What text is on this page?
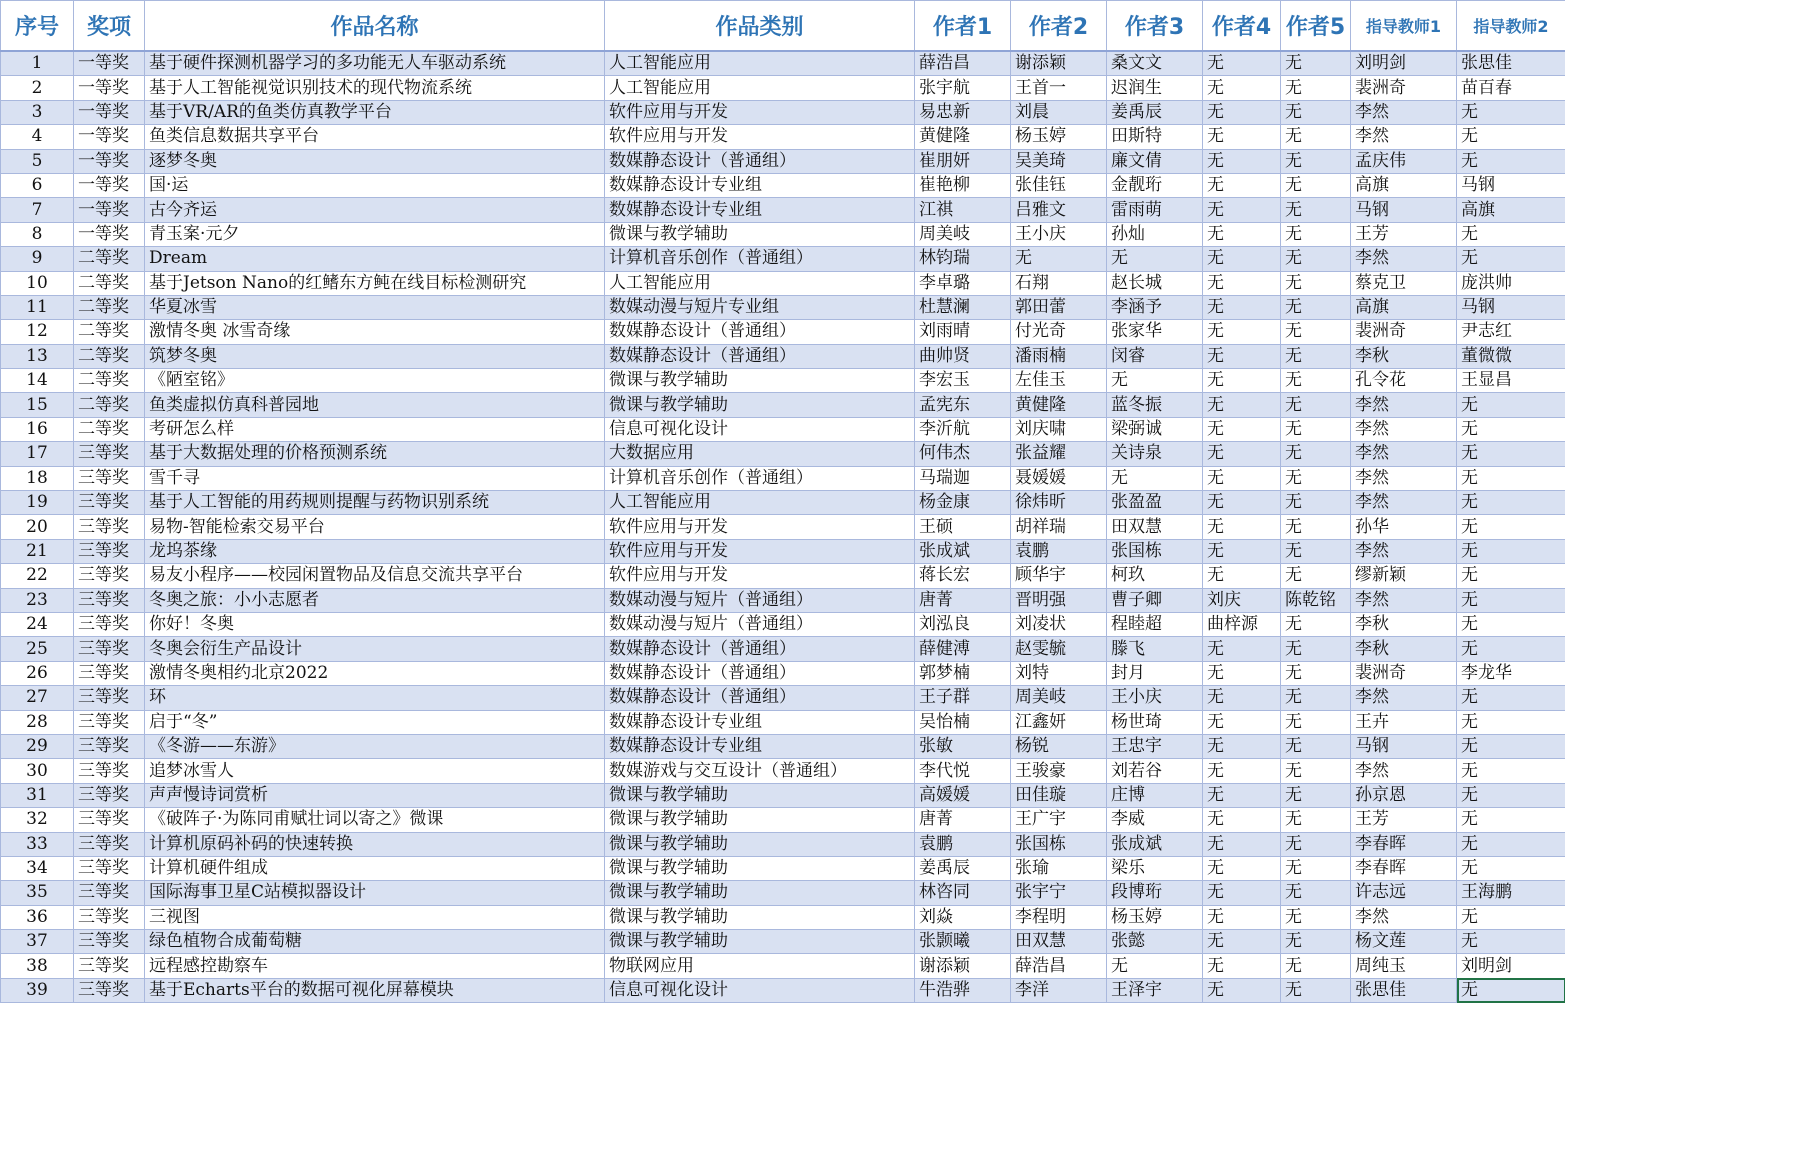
序号	奖项	作品名称	作品类别	作者1	作者2	作者3	作者4	作者5	指导教师1	指导教师2
1	一等奖	基于硬件探测机器学习的多功能无人车驱动系统	人工智能应用	薛浩昌	谢添颖	桑文文	无	无	刘明剑	张思佳
2	一等奖	基于人工智能视觉识别技术的现代物流系统	人工智能应用	张宇航	王首一	迟润生	无	无	裴洲奇	苗百春
3	一等奖	基于VR/AR的鱼类仿真教学平台	软件应用与开发	易忠新	刘晨	姜禹辰	无	无	李然	无
4	一等奖	鱼类信息数据共享平台	软件应用与开发	黄健隆	杨玉婷	田斯特	无	无	李然	无
5	一等奖	逐梦冬奥	数媒静态设计（普通组）	崔朋妍	吴美琦	廉文倩	无	无	孟庆伟	无
6	一等奖	国·运	数媒静态设计专业组	崔艳柳	张佳钰	金靓珩	无	无	高旗	马钢
7	一等奖	古今齐运	数媒静态设计专业组	江祺	吕雅文	雷雨萌	无	无	马钢	高旗
8	一等奖	青玉案·元夕	微课与教学辅助	周美岐	王小庆	孙灿	无	无	王芳	无
9	二等奖	Dream	计算机音乐创作（普通组）	林钧瑞	无	无	无	无	李然	无
10	二等奖	基于Jetson Nano的红鳍东方鲀在线目标检测研究	人工智能应用	李卓璐	石翔	赵长城	无	无	蔡克卫	庞洪帅
11	二等奖	华夏冰雪	数媒动漫与短片专业组	杜慧澜	郭田蕾	李涵予	无	无	高旗	马钢
12	二等奖	激情冬奥 冰雪奇缘	数媒静态设计（普通组）	刘雨晴	付光奇	张家华	无	无	裴洲奇	尹志红
13	二等奖	筑梦冬奥	数媒静态设计（普通组）	曲帅贤	潘雨楠	闵睿	无	无	李秋	董微微
14	二等奖	《陋室铭》	微课与教学辅助	李宏玉	左佳玉	无	无	无	孔令花	王显昌
15	二等奖	鱼类虚拟仿真科普园地	微课与教学辅助	孟宪东	黄健隆	蓝冬振	无	无	李然	无
16	二等奖	考研怎么样	信息可视化设计	李沂航	刘庆啸	梁弼诚	无	无	李然	无
17	三等奖	基于大数据处理的价格预测系统	大数据应用	何伟杰	张益耀	关诗泉	无	无	李然	无
18	三等奖	雪千寻	计算机音乐创作（普通组）	马瑞迦	聂媛媛	无	无	无	李然	无
19	三等奖	基于人工智能的用药规则提醒与药物识别系统	人工智能应用	杨金康	徐炜昕	张盈盈	无	无	李然	无
20	三等奖	易物-智能检索交易平台	软件应用与开发	王硕	胡祥瑞	田双慧	无	无	孙华	无
21	三等奖	龙坞茶缘	软件应用与开发	张成斌	袁鹏	张国栋	无	无	李然	无
22	三等奖	易友小程序——校园闲置物品及信息交流共享平台	软件应用与开发	蒋长宏	顾华宇	柯玖	无	无	缪新颖	无
23	三等奖	冬奥之旅：小小志愿者	数媒动漫与短片（普通组）	唐菁	晋明强	曹子卿	刘庆	陈乾铭	李然	无
24	三等奖	你好！冬奥	数媒动漫与短片（普通组）	刘泓良	刘凌状	程睦超	曲梓源	无	李秋	无
25	三等奖	冬奥会衍生产品设计	数媒静态设计（普通组）	薛健溥	赵雯毓	滕飞	无	无	李秋	无
26	三等奖	激情冬奥相约北京2022	数媒静态设计（普通组）	郭梦楠	刘特	封月	无	无	裴洲奇	李龙华
27	三等奖	环	数媒静态设计（普通组）	王子群	周美岐	王小庆	无	无	李然	无
28	三等奖	启于“冬”	数媒静态设计专业组	吴怡楠	江鑫妍	杨世琦	无	无	王卉	无
29	三等奖	《冬游——东游》	数媒静态设计专业组	张敏	杨锐	王忠宇	无	无	马钢	无
30	三等奖	追梦冰雪人	数媒游戏与交互设计（普通组）	李代悦	王骏豪	刘若谷	无	无	李然	无
31	三等奖	声声慢诗词赏析	微课与教学辅助	高媛媛	田佳璇	庄博	无	无	孙京恩	无
32	三等奖	《破阵子·为陈同甫赋壮词以寄之》微课	微课与教学辅助	唐菁	王广宇	李威	无	无	王芳	无
33	三等奖	计算机原码补码的快速转换	微课与教学辅助	袁鹏	张国栋	张成斌	无	无	李春晖	无
34	三等奖	计算机硬件组成	微课与教学辅助	姜禹辰	张瑜	梁乐	无	无	李春晖	无
35	三等奖	国际海事卫星C站模拟器设计	微课与教学辅助	林咨同	张宇宁	段博珩	无	无	许志远	王海鹏
36	三等奖	三视图	微课与教学辅助	刘焱	李程明	杨玉婷	无	无	李然	无
37	三等奖	绿色植物合成葡萄糖	微课与教学辅助	张颢曦	田双慧	张懿	无	无	杨文莲	无
38	三等奖	远程感控勘察车	物联网应用	谢添颖	薛浩昌	无	无	无	周纯玉	刘明剑
39	三等奖	基于Echarts平台的数据可视化屏幕模块	信息可视化设计	牛浩骅	李洋	王泽宇	无	无	张思佳	无
